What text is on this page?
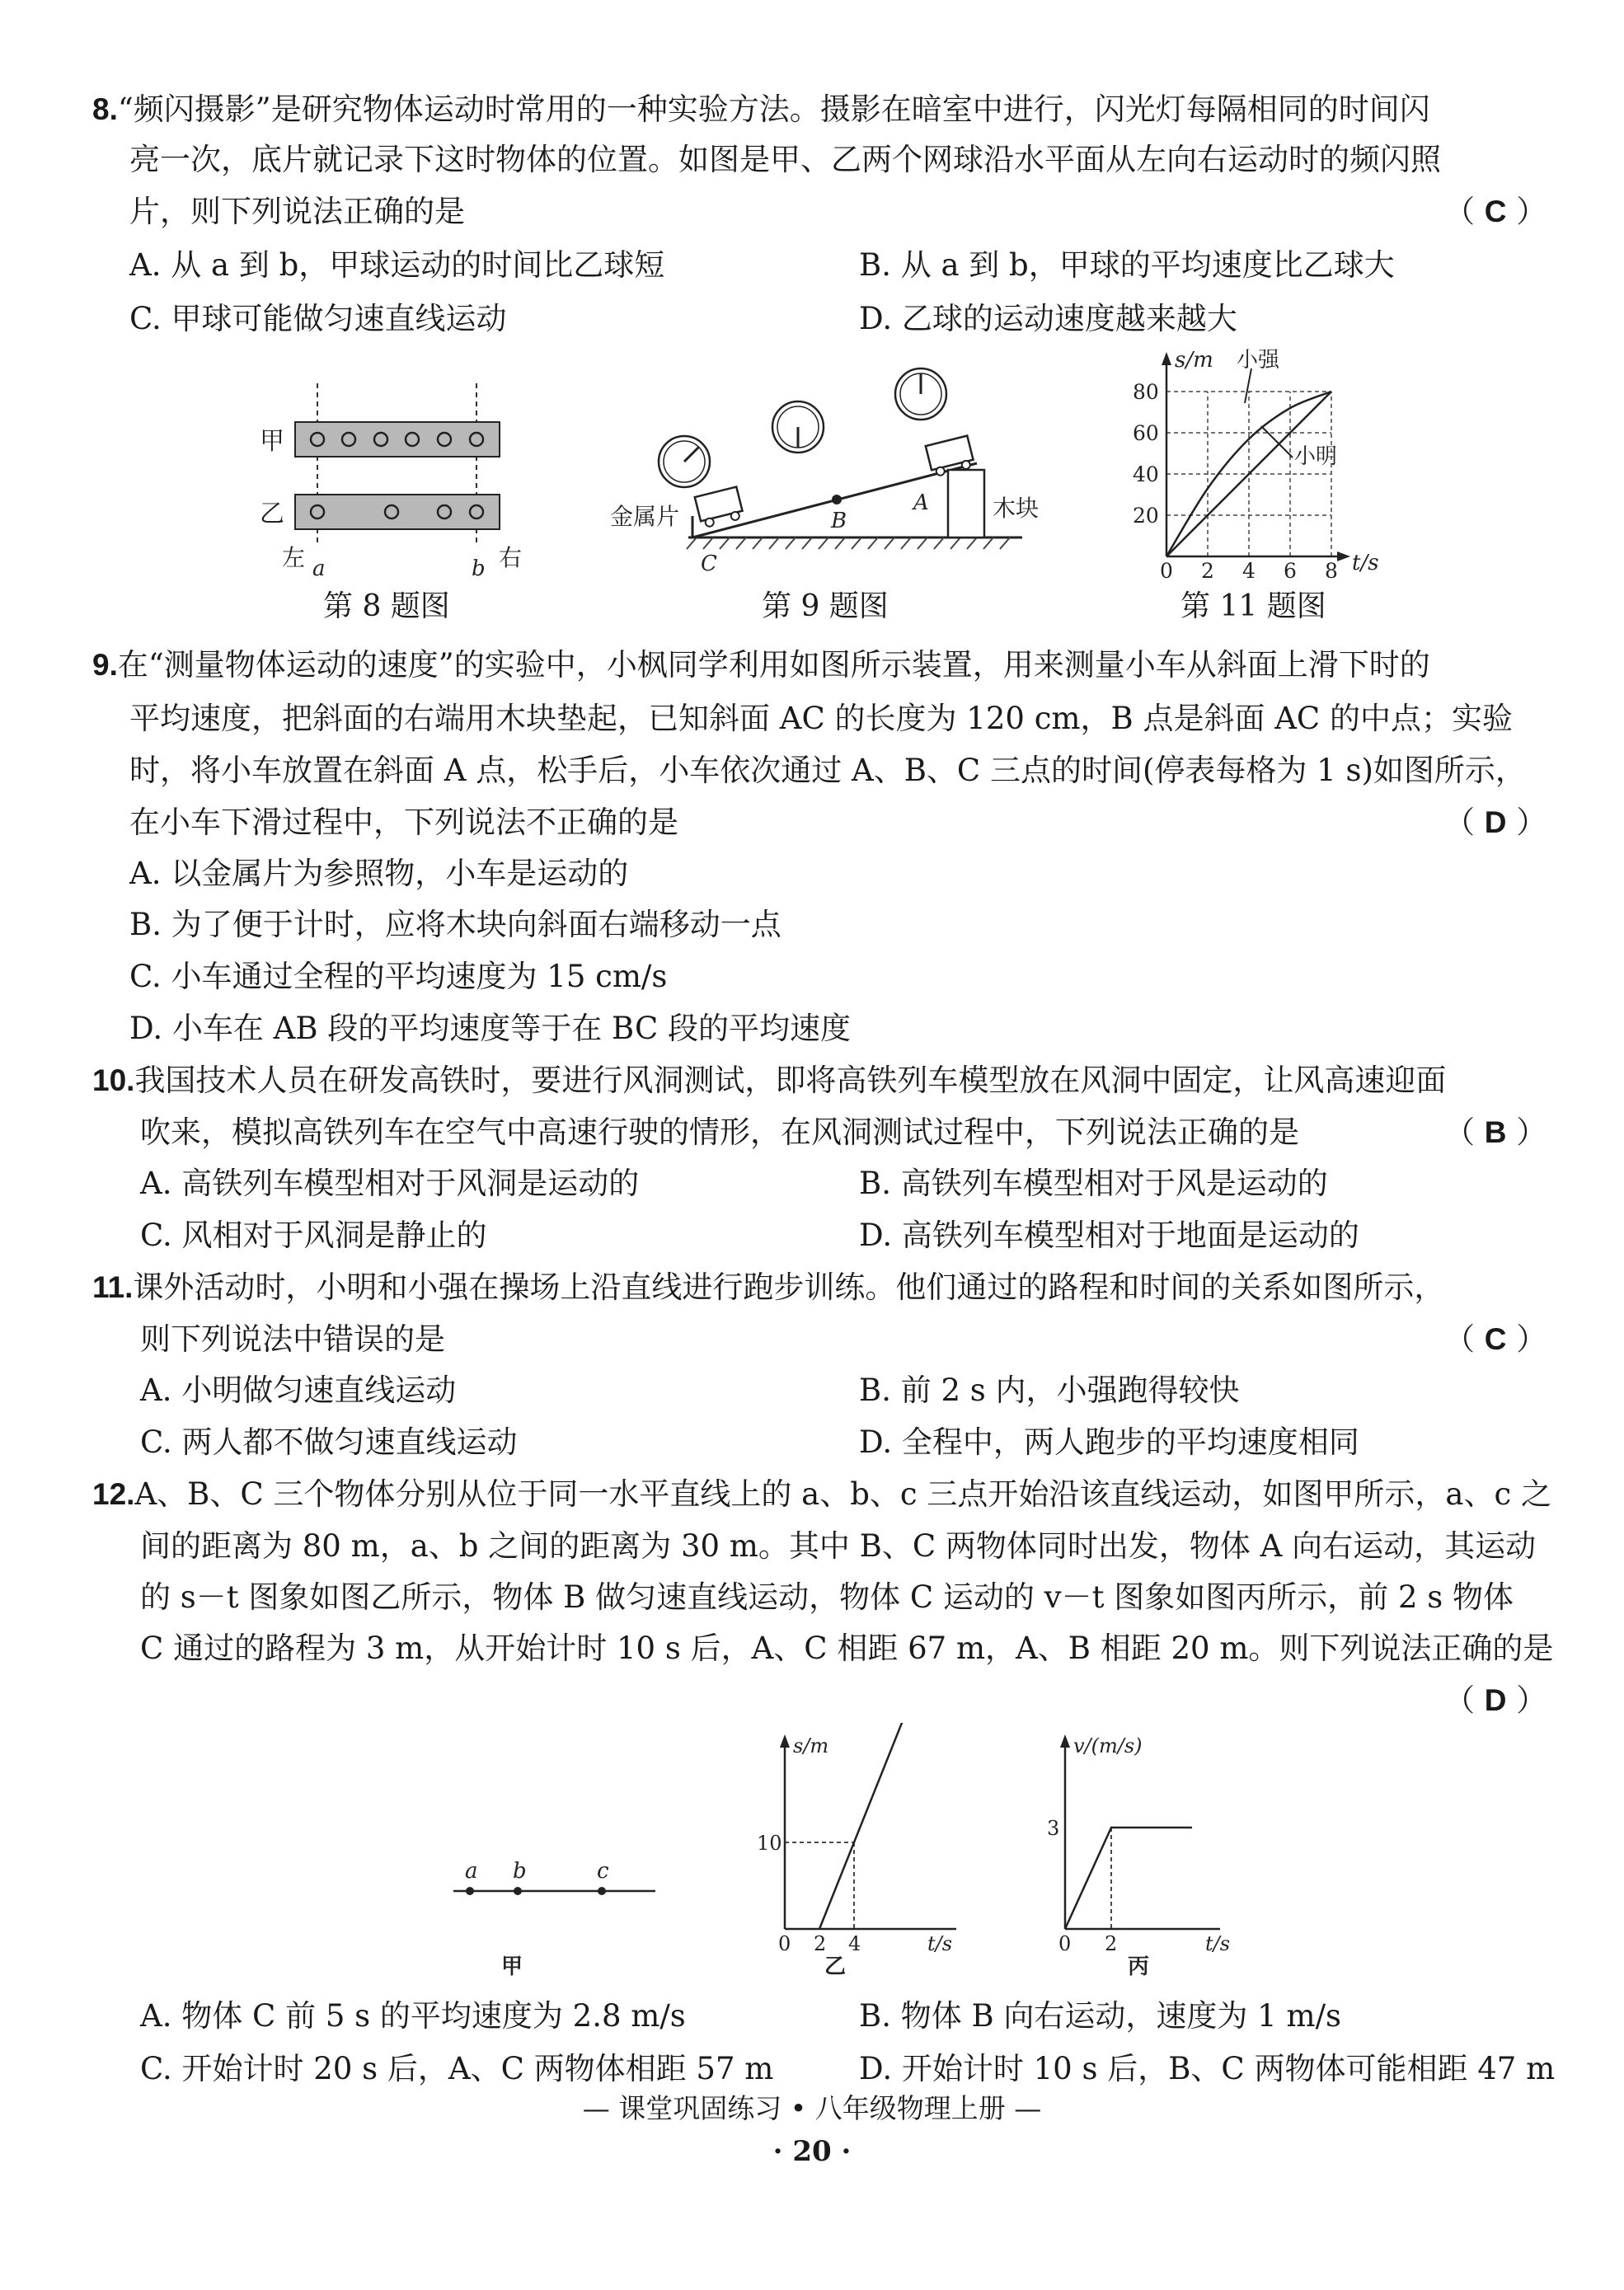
8.“频闪摄影”是研究物体运动时常用的一种实验方法。摄影在暗室中进行，闪光灯每隔相同的时间闪
亮一次，底片就记录下这时物体的位置。如图是甲、乙两个网球沿水平面从左向右运动时的频闪照
片，则下列说法正确的是	（ C ）
A. 从 a 到 b，甲球运动的时间比乙球短	B. 从 a 到 b，甲球的平均速度比乙球大
C. 甲球可能做匀速直线运动	D. 乙球的运动速度越来越大
甲
乙
左	右
a	b
第 8 题图
金属片	木块
A
B
C
第 9 题图
s/m
t/s
小强
小明
80
60
40
20
0 2 4 6 8
第 11 题图
9.在“测量物体运动的速度”的实验中，小枫同学利用如图所示装置，用来测量小车从斜面上滑下时的
平均速度，把斜面的右端用木块垫起，已知斜面 AC 的长度为 120 cm，B 点是斜面 AC 的中点；实验
时，将小车放置在斜面 A 点，松手后，小车依次通过 A、B、C 三点的时间(停表每格为 1 s)如图所示，
在小车下滑过程中，下列说法不正确的是	（ D ）
A. 以金属片为参照物，小车是运动的
B. 为了便于计时，应将木块向斜面右端移动一点
C. 小车通过全程的平均速度为 15 cm/s
D. 小车在 AB 段的平均速度等于在 BC 段的平均速度
10.我国技术人员在研发高铁时，要进行风洞测试，即将高铁列车模型放在风洞中固定，让风高速迎面
吹来，模拟高铁列车在空气中高速行驶的情形，在风洞测试过程中，下列说法正确的是	（ B ）
A. 高铁列车模型相对于风洞是运动的	B. 高铁列车模型相对于风是运动的
C. 风相对于风洞是静止的	D. 高铁列车模型相对于地面是运动的
11.课外活动时，小明和小强在操场上沿直线进行跑步训练。他们通过的路程和时间的关系如图所示，
则下列说法中错误的是	（ C ）
A. 小明做匀速直线运动	B. 前 2 s 内，小强跑得较快
C. 两人都不做匀速直线运动	D. 全程中，两人跑步的平均速度相同
12.A、B、C 三个物体分别从位于同一水平直线上的 a、b、c 三点开始沿该直线运动，如图甲所示，a、c 之
间的距离为 80 m，a、b 之间的距离为 30 m。其中 B、C 两物体同时出发，物体 A 向右运动，其运动
的 s－t 图象如图乙所示，物体 B 做匀速直线运动，物体 C 运动的 v－t 图象如图丙所示，前 2 s 物体
C 通过的路程为 3 m，从开始计时 10 s 后，A、C 相距 67 m，A、B 相距 20 m。则下列说法正确的是
（ D ）
a b	c
甲
s/m
t/s
10
0 2 4
乙
v/(m/s)
t/s
3
0 2
丙
A. 物体 C 前 5 s 的平均速度为 2.8 m/s	B. 物体 B 向右运动，速度为 1 m/s
C. 开始计时 20 s 后，A、C 两物体相距 57 m	D. 开始计时 10 s 后，B、C 两物体可能相距 47 m
— 课堂巩固练习 • 八年级物理上册 —
· 20 ·
